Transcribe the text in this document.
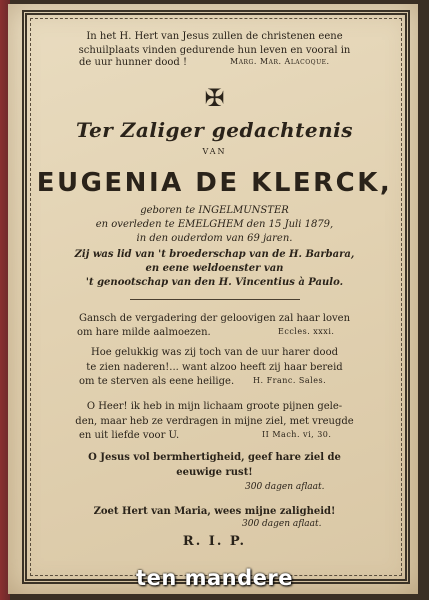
In het H. Hert van Jesus zullen de christenen eene
schuilplaats vinden gedurende hun leven en vooral in
de uur hunner dood !	Marg. Mar. Alacoque.
✠
Ter Zaliger gedachtenis
VAN
EUGENIA DE KLERCK,
geboren te INGELMUNSTER
en overleden te EMELGHEM den 15 Juli 1879,
in den ouderdom van 69 jaren.
Zij was lid van 't broederschap van de H. Barbara,
en eene weldoenster van
't genootschap van den H. Vincentius à Paulo.
Gansch de vergadering der geloovigen zal haar loven
om hare milde aalmoezen.	Eccles. xxxi.
Hoe gelukkig was zij toch van de uur harer dood
te zien naderen!... want alzoo heeft zij haar bereid
om te sterven als eene heilige. H. Franc. Sales.
O Heer! ik heb in mijn lichaam groote pijnen gele-
den, maar heb ze verdragen in mijne ziel, met vreugde
en uit liefde voor U.	II Mach. vi, 30.
O Jesus vol bermhertigheid, geef hare ziel de
eeuwige rust!
300 dagen aflaat.
Zoet Hert van Maria, wees mijne zaligheid!
300 dagen aflaat.
R. I. P.
ten mandere
